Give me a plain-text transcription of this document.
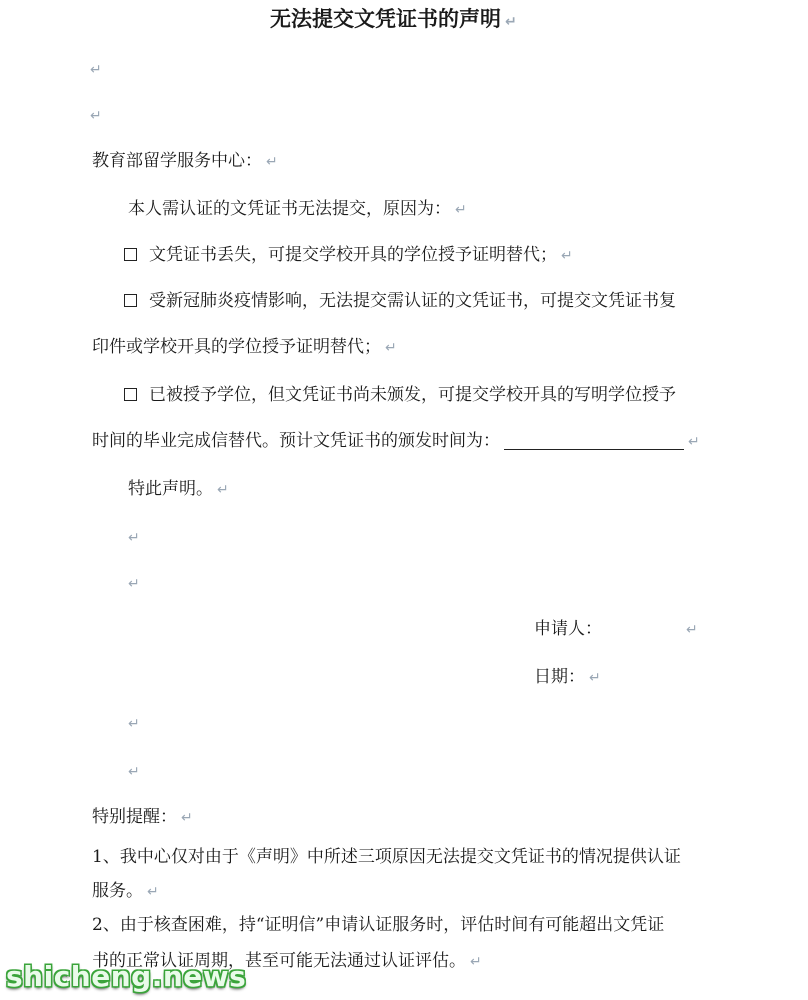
无法提交文凭证书的声明 ↵
↵
↵
教育部留学服务中心： ↵
本人需认证的文凭证书无法提交，原因为： ↵
文凭证书丢失，可提交学校开具的学位授予证明替代； ↵
受新冠肺炎疫情影响，无法提交需认证的文凭证书，可提交文凭证书复
印件或学校开具的学位授予证明替代； ↵
已被授予学位，但文凭证书尚未颁发，可提交学校开具的写明学位授予
时间的毕业完成信替代。预计文凭证书的颁发时间为：	↵
特此声明。 ↵
↵
↵
申请人：	↵
日期： ↵
↵
↵
特别提醒： ↵
1、我中心仅对由于《声明》中所述三项原因无法提交文凭证书的情况提供认证
服务。 ↵
2、由于核查困难，持“证明信”申请认证服务时，评估时间有可能超出文凭证
书的正常认证周期，甚至可能无法通过认证评估。 ↵
shicheng.news
